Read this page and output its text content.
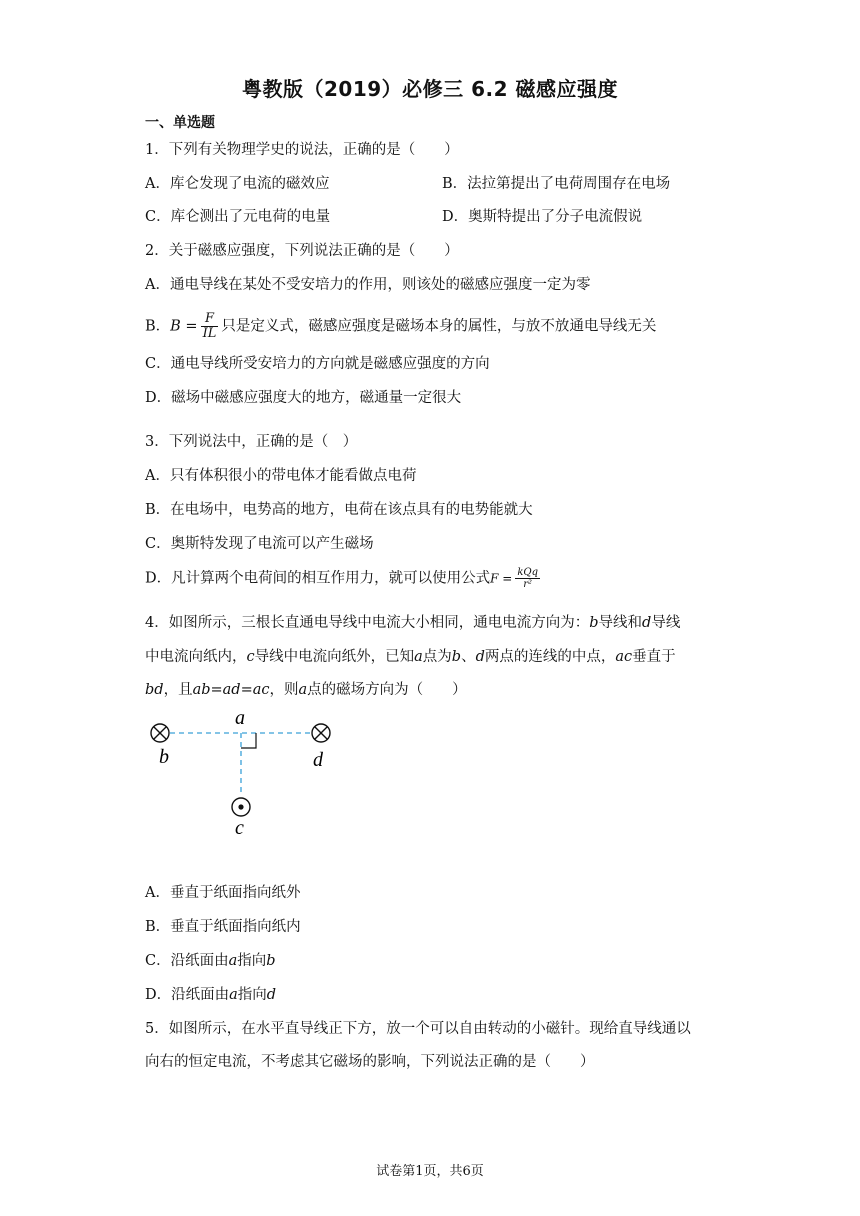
粤教版（2019）必修三 6.2 磁感应强度
一、单选题
1．下列有关物理学史的说法，正确的是（　　）
A．库仑发现了电流的磁效应	B．法拉第提出了电荷周围存在电场
C．库仑测出了元电荷的电量	D．奥斯特提出了分子电流假说
2．关于磁感应强度，下列说法正确的是（　　）
A．通电导线在某处不受安培力的作用，则该处的磁感应强度一定为零
B．$B = \frac{F}{IL}$ 只是定义式，磁感应强度是磁场本身的属性，与放不放通电导线无关
C．通电导线所受安培力的方向就是磁感应强度的方向
D．磁场中磁感应强度大的地方，磁通量一定很大
3．下列说法中，正确的是（　）
A．只有体积很小的带电体才能看做点电荷
B．在电场中，电势高的地方，电荷在该点具有的电势能就大
C．奥斯特发现了电流可以产生磁场
D．凡计算两个电荷间的相互作用力，就可以使用公式$F = \frac{\text{kQq}}{\text{r²}}$
4．如图所示，三根长直通电导线中电流大小相同，通电电流方向为：b导线和d导线
中电流向纸内，c导线中电流向纸外，已知a点为b、d两点的连线的中点，ac垂直于
bd，且ab=ad=ac，则a点的磁场方向为（　　）
a
b	d
c
A．垂直于纸面指向纸外
B．垂直于纸面指向纸内
C．沿纸面由a指向b
D．沿纸面由a指向d
5．如图所示，在水平直导线正下方，放一个可以自由转动的小磁针。现给直导线通以
向右的恒定电流，不考虑其它磁场的影响，下列说法正确的是（　　）
试卷第1页，共6页
